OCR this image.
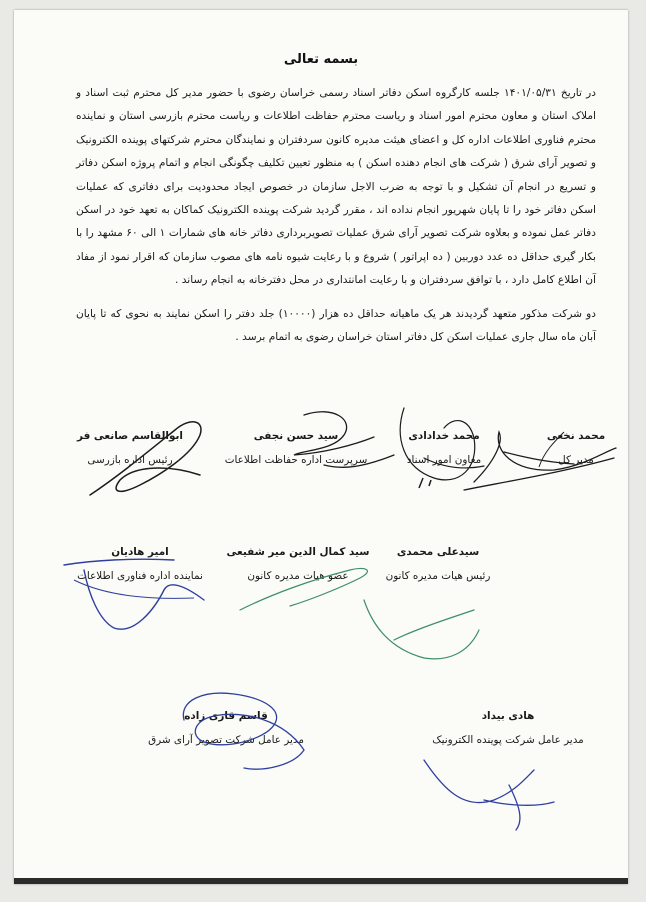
بسمه تعالی

در تاریخ ۱۴۰۱/۰۵/۳۱ جلسه کارگروه اسکن دفاتر اسناد رسمی خراسان رضوی با حضور مدیر کل محترم ثبت اسناد و املاک استان و معاون محترم امور اسناد و ریاست محترم حفاظت اطلاعات و ریاست محترم بازرسی استان و نماینده محترم فناوری اطلاعات اداره کل و اعضای هیئت مدیره کانون سردفتران و نمایندگان محترم شرکتهای پوینده الکترونیک و تصویر آرای شرق ( شرکت های انجام دهنده اسکن ) به منظور تعیین تکلیف چگونگی انجام و اتمام پروژه اسکن دفاتر و تسریع در انجام آن تشکیل و با توجه به ضرب الاجل سازمان در خصوص ایجاد محدودیت برای دفاتری که عملیات اسکن دفاتر خود را تا پایان شهریور انجام نداده اند ، مقرر گردید شرکت پوینده الکترونیک کماکان به تعهد خود در اسکن دفاتر عمل نموده و بعلاوه شرکت تصویر آرای شرق عملیات تصویربرداری دفاتر خانه های شمارات ۱ الی ۶۰ مشهد را با بکار گیری حداقل ده عدد دوربین ( ده اپراتور ) شروع و با رعایت شیوه نامه های مصوب سازمان که اقرار نمود از مفاد آن اطلاع کامل دارد ، با توافق سردفتران و با رعایت امانتداری در محل دفترخانه به انجام رساند .

دو شرکت مذکور متعهد گردیدند هر یک ماهیانه حداقل ده هزار (۱۰۰۰۰) جلد دفتر را اسکن نمایند به نحوی که تا پایان آبان ماه سال جاری عملیات اسکن کل دفاتر استان خراسان رضوی به اتمام برسد .

محمد نخعی
مدیر کل
محمد خدادادی
معاون امور اسناد
سید حسن نجفی
سرپرست اداره حفاظت اطلاعات
ابوالقاسم صانعی فر
رئیس اداره بازرسی
سیدعلی محمدی
رئیس هیات مدیره کانون
سید کمال الدین میر شفیعی
عضو هیات مدیره کانون
امیر هادیان
نماینده اداره فناوری اطلاعات
هادی بیداد
مدیر عامل شرکت پوینده الکترونیک
قاسم قاری زاده
مدیر عامل شرکت تصویر آرای شرق
